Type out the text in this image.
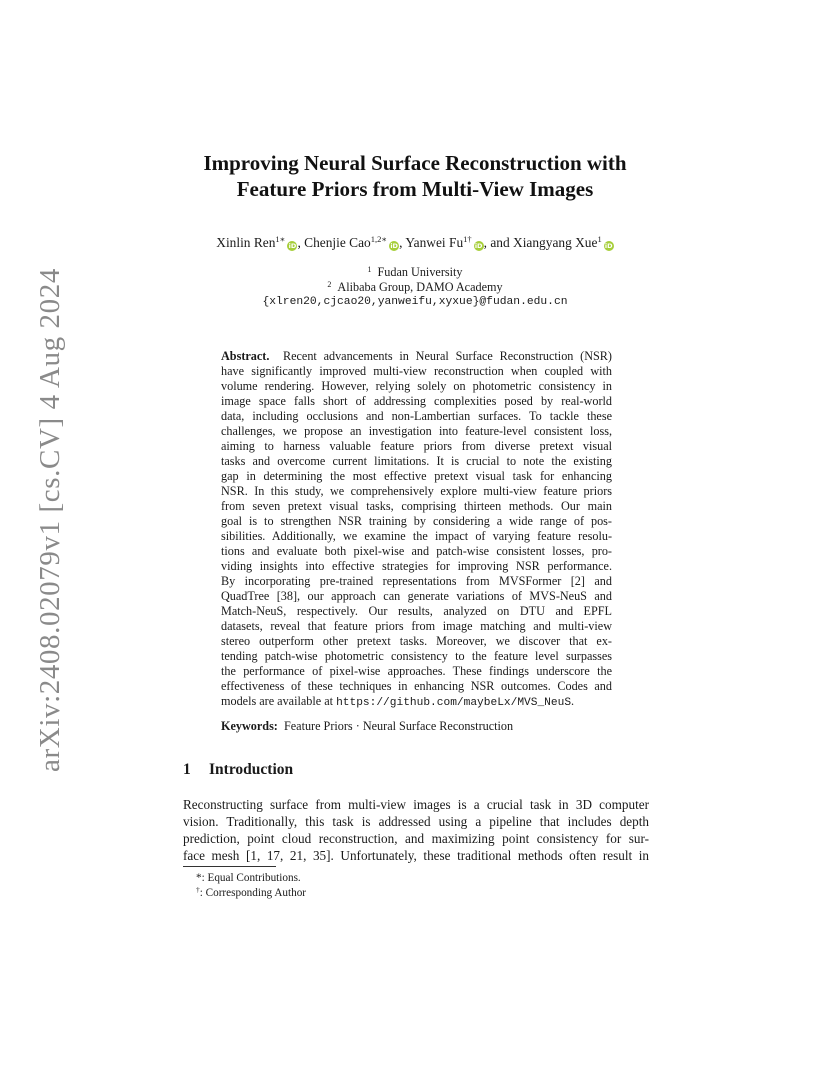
arXiv:2408.02079v1 [cs.CV] 4 Aug 2024
Improving Neural Surface Reconstruction with
Feature Priors from Multi-View Images
Xinlin Ren$^{1∗}$iD, Chenjie Cao$^{1,2∗}$iD, Yanwei $Fu^{1\dagger}iD$, and Xiangyang Xue$^1$iD
$^1$ Fudan University
$^2$ Alibaba Group, DAMO Academy
{xlren20,cjcao20,yanweifu,xyxue}@fudan.edu.cn
Abstract. Recent advancements in Neural Surface Reconstruction (NSR)
have significantly improved multi-view reconstruction when coupled with
volume rendering. However, relying solely on photometric consistency in
image space falls short of addressing complexities posed by real-world
data, including occlusions and non-Lambertian surfaces. To tackle these
challenges, we propose an investigation into feature-level consistent loss,
aiming to harness valuable feature priors from diverse pretext visual
tasks and overcome current limitations. It is crucial to note the existing
gap in determining the most effective pretext visual task for enhancing
NSR. In this study, we comprehensively explore multi-view feature priors
from seven pretext visual tasks, comprising thirteen methods. Our main
goal is to strengthen NSR training by considering a wide range of pos-
sibilities. Additionally, we examine the impact of varying feature resolu-
tions and evaluate both pixel-wise and patch-wise consistent losses, pro-
viding insights into effective strategies for improving NSR performance.
By incorporating pre-trained representations from MVSFormer [2] and
QuadTree [38], our approach can generate variations of MVS-NeuS and
Match-NeuS, respectively. Our results, analyzed on DTU and EPFL
datasets, reveal that feature priors from image matching and multi-view
stereo outperform other pretext tasks. Moreover, we discover that ex-
tending patch-wise photometric consistency to the feature level surpasses
the performance of pixel-wise approaches. These findings underscore the
effectiveness of these techniques in enhancing NSR outcomes. Codes and
models are available at https://github.com/maybeLx/MVS_NeuS.
Keywords: Feature Priors · Neural Surface Reconstruction
1 Introduction
Reconstructing surface from multi-view images is a crucial task in 3D computer
vision. Traditionally, this task is addressed using a pipeline that includes depth
prediction, point cloud reconstruction, and maximizing point consistency for sur-
face mesh [1, 17, 21, 35]. Unfortunately, these traditional methods often result in
*: Equal Contributions.
†: Corresponding Author
